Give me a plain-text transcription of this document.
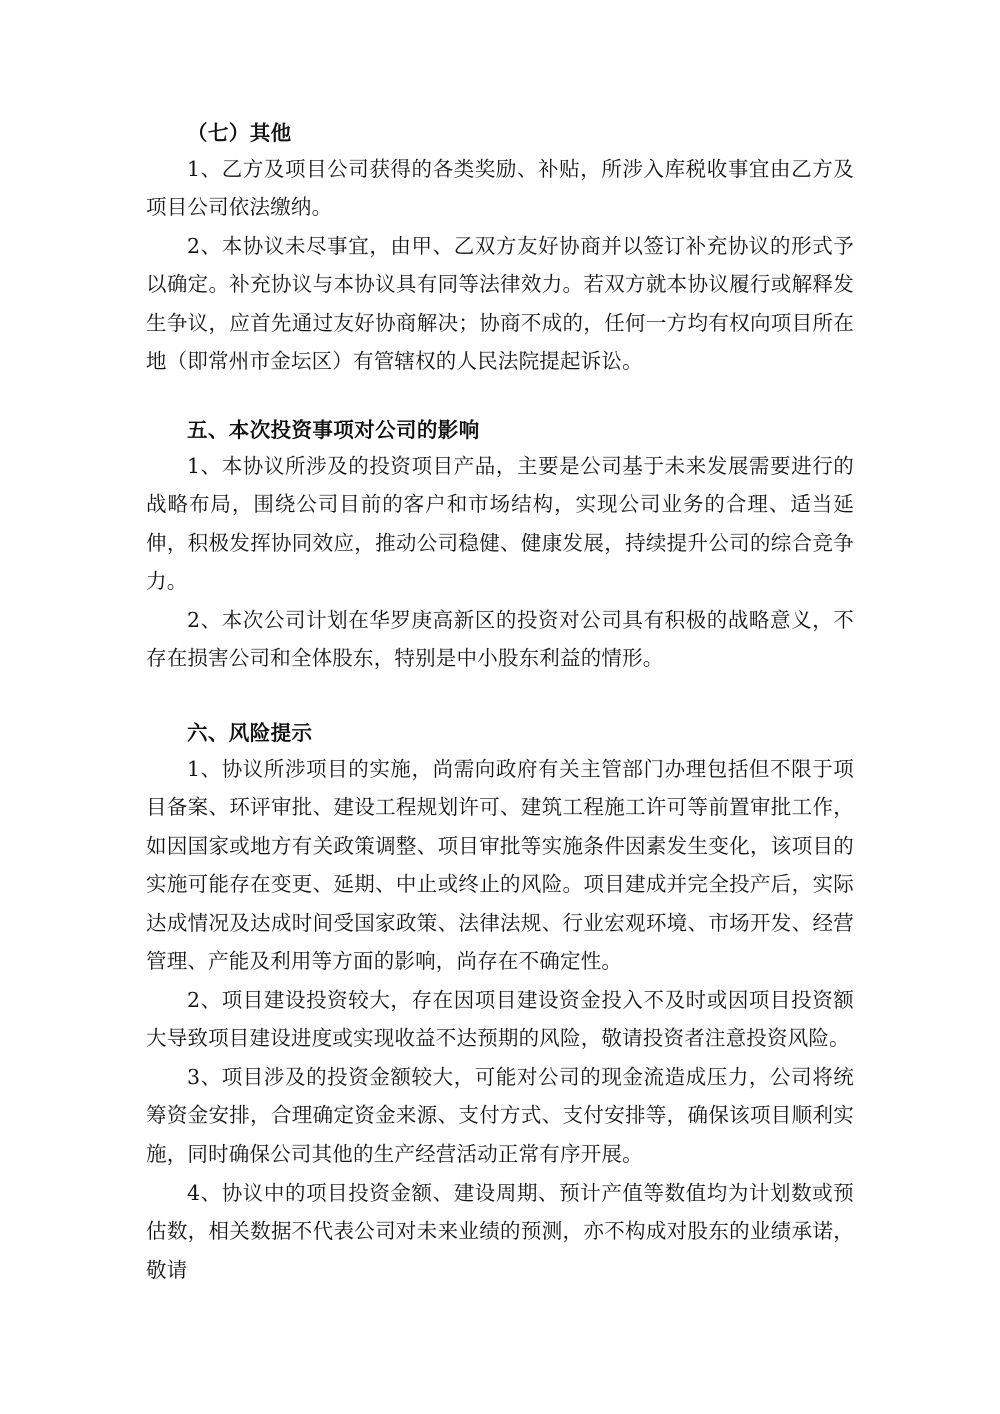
（七）其他

1、乙方及项目公司获得的各类奖励、补贴，所涉入库税收事宜由乙方及项目公司依法缴纳。

2、本协议未尽事宜，由甲、乙双方友好协商并以签订补充协议的形式予以确定。补充协议与本协议具有同等法律效力。若双方就本协议履行或解释发生争议，应首先通过友好协商解决；协商不成的，任何一方均有权向项目所在地（即常州市金坛区）有管辖权的人民法院提起诉讼。

五、本次投资事项对公司的影响

1、本协议所涉及的投资项目产品，主要是公司基于未来发展需要进行的战略布局，围绕公司目前的客户和市场结构，实现公司业务的合理、适当延伸，积极发挥协同效应，推动公司稳健、健康发展，持续提升公司的综合竞争力。

2、本次公司计划在华罗庚高新区的投资对公司具有积极的战略意义，不存在损害公司和全体股东，特别是中小股东利益的情形。

六、风险提示

1、协议所涉项目的实施，尚需向政府有关主管部门办理包括但不限于项目备案、环评审批、建设工程规划许可、建筑工程施工许可等前置审批工作，如因国家或地方有关政策调整、项目审批等实施条件因素发生变化，该项目的实施可能存在变更、延期、中止或终止的风险。项目建成并完全投产后，实际达成情况及达成时间受国家政策、法律法规、行业宏观环境、市场开发、经营管理、产能及利用等方面的影响，尚存在不确定性。

2、项目建设投资较大，存在因项目建设资金投入不及时或因项目投资额大导致项目建设进度或实现收益不达预期的风险，敬请投资者注意投资风险。

3、项目涉及的投资金额较大，可能对公司的现金流造成压力，公司将统筹资金安排，合理确定资金来源、支付方式、支付安排等，确保该项目顺利实施，同时确保公司其他的生产经营活动正常有序开展。

4、协议中的项目投资金额、建设周期、预计产值等数值均为计划数或预估数，相关数据不代表公司对未来业绩的预测，亦不构成对股东的业绩承诺，敬请
